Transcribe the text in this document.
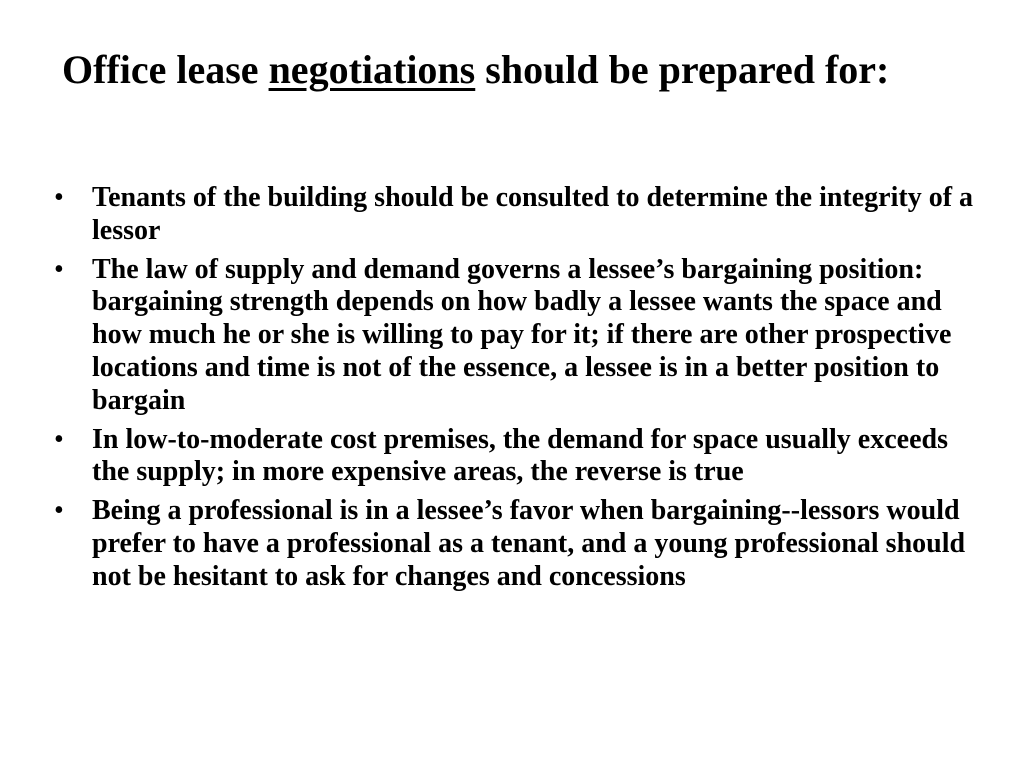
Office lease negotiations should be prepared for:
• Tenants of the building should be consulted to determine the integrity of a lessor
• The law of supply and demand governs a lessee’s bargaining position: bargaining strength depends on how badly a lessee wants the space and how much he or she is willing to pay for it; if there are other prospective locations and time is not of the essence, a lessee is in a better position to bargain
• In low-to-moderate cost premises, the demand for space usually exceeds the supply; in more expensive areas, the reverse is true
• Being a professional is in a lessee’s favor when bargaining--lessors would prefer to have a professional as a tenant, and a young professional should not be hesitant to ask for changes and concessions
